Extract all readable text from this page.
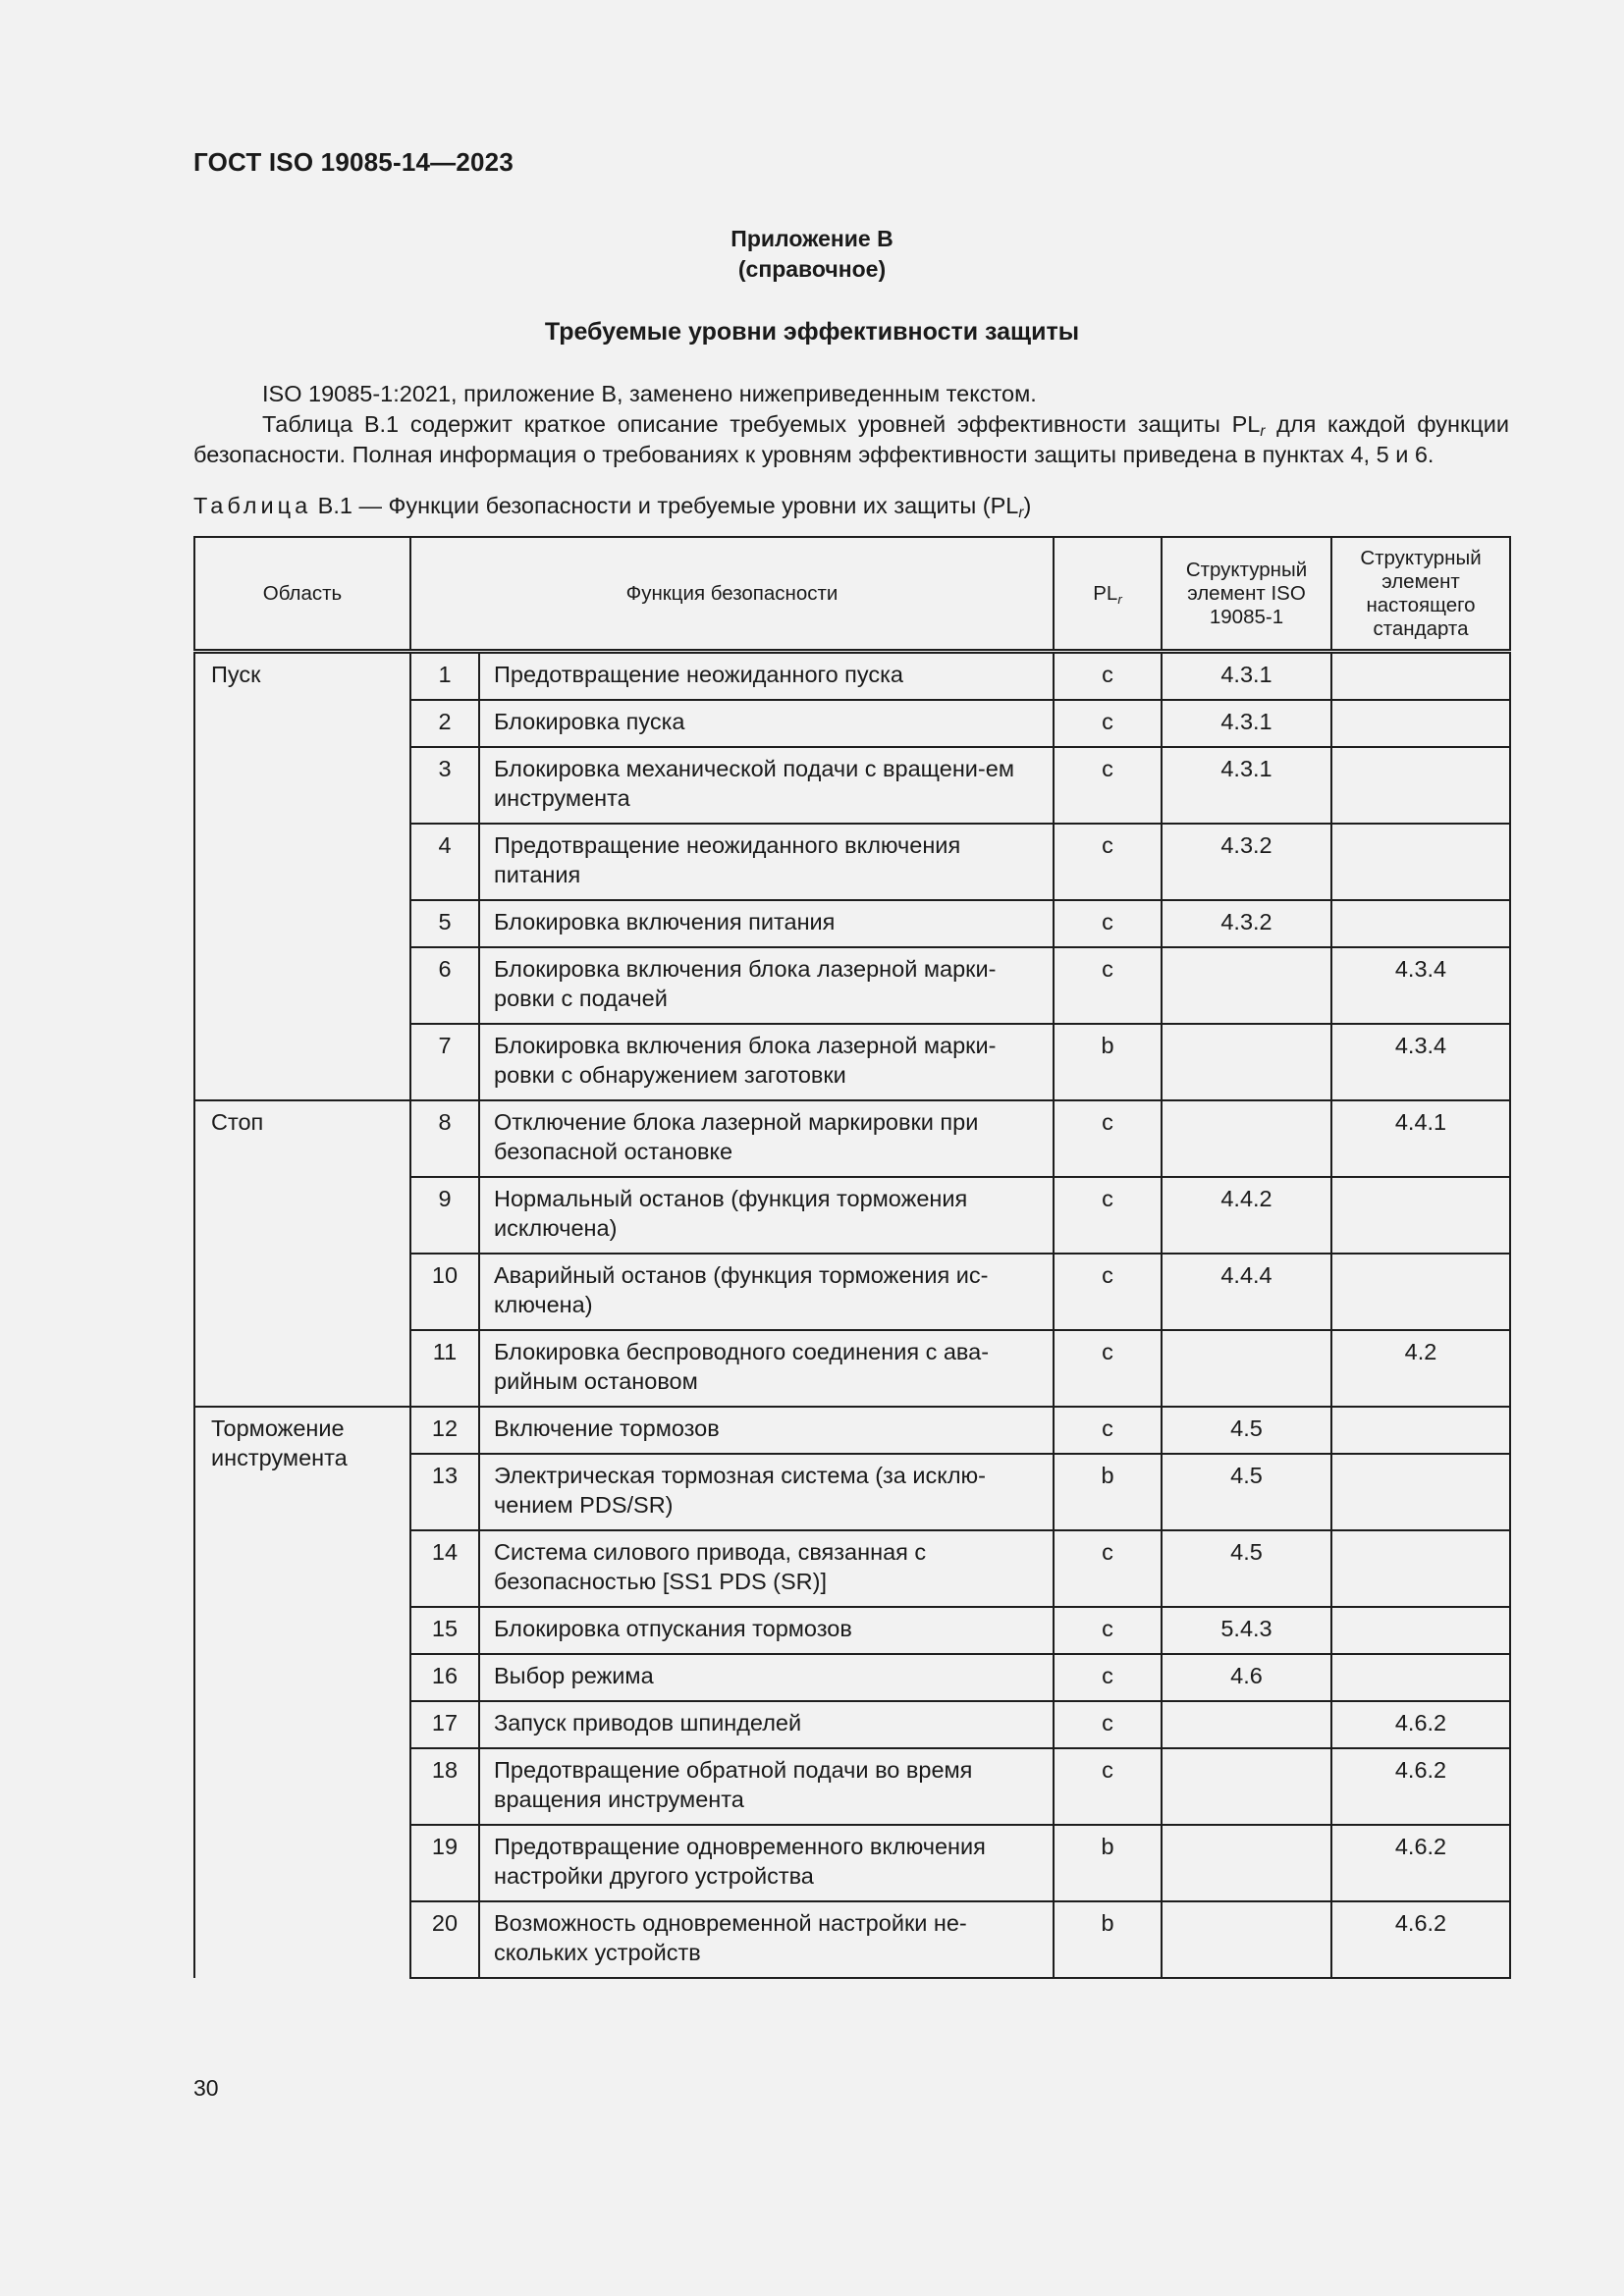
ГОСТ ISO 19085-14—2023
Приложение В
(справочное)
Требуемые уровни эффективности защиты

ISO 19085-1:2021, приложение В, заменено нижеприведенным текстом.

Таблица В.1 содержит краткое описание требуемых уровней эффективности защиты $PL_r$ для каждой функции безопасности. Полная информация о требованиях к уровням эффективности защиты приведена в пунктах 4, 5 и 6.

Таблица В.1 — Функции безопасности и требуемые уровни их защиты $(PL_r)$
Область	Функция безопасности		$PL_r$	Структурный элемент ISO 19085-1	Структурный элемент настоящего стандарта
Пуск	1	Предотвращение неожиданного пуска	c	4.3.1	
	2	Блокировка пуска	c	4.3.1	
	3	Блокировка механической подачи с вращени-ем инструмента	c	4.3.1	
	4	Предотвращение неожиданного включения питания	c	4.3.2	
	5	Блокировка включения питания	c	4.3.2	
	6	Блокировка включения блока лазерной марки-ровки с подачей	c		4.3.4
	7	Блокировка включения блока лазерной марки-ровки с обнаружением заготовки	b		4.3.4
Стоп	8	Отключение блока лазерной маркировки при безопасной остановке	c		4.4.1
	9	Нормальный останов (функция торможения исключена)	c	4.4.2	
	10	Аварийный останов (функция торможения ис-ключена)	c	4.4.4	
	11	Блокировка беспроводного соединения с ава-рийным остановом	c		4.2
Торможение инструмента	12	Включение тормозов	c	4.5	
	13	Электрическая тормозная система (за исклю-чением PDS/SR)	b	4.5	
	14	Система силового привода, связанная с безопасностью [SS1 PDS (SR)]	c	4.5	
	15	Блокировка отпускания тормозов	c	5.4.3	
	16	Выбор режима	c	4.6	
	17	Запуск приводов шпинделей	c		4.6.2
	18	Предотвращение обратной подачи во время вращения инструмента	c		4.6.2
	19	Предотвращение одновременного включения настройки другого устройства	b		4.6.2
	20	Возможность одновременной настройки не-скольких устройств	b		4.6.2
30
